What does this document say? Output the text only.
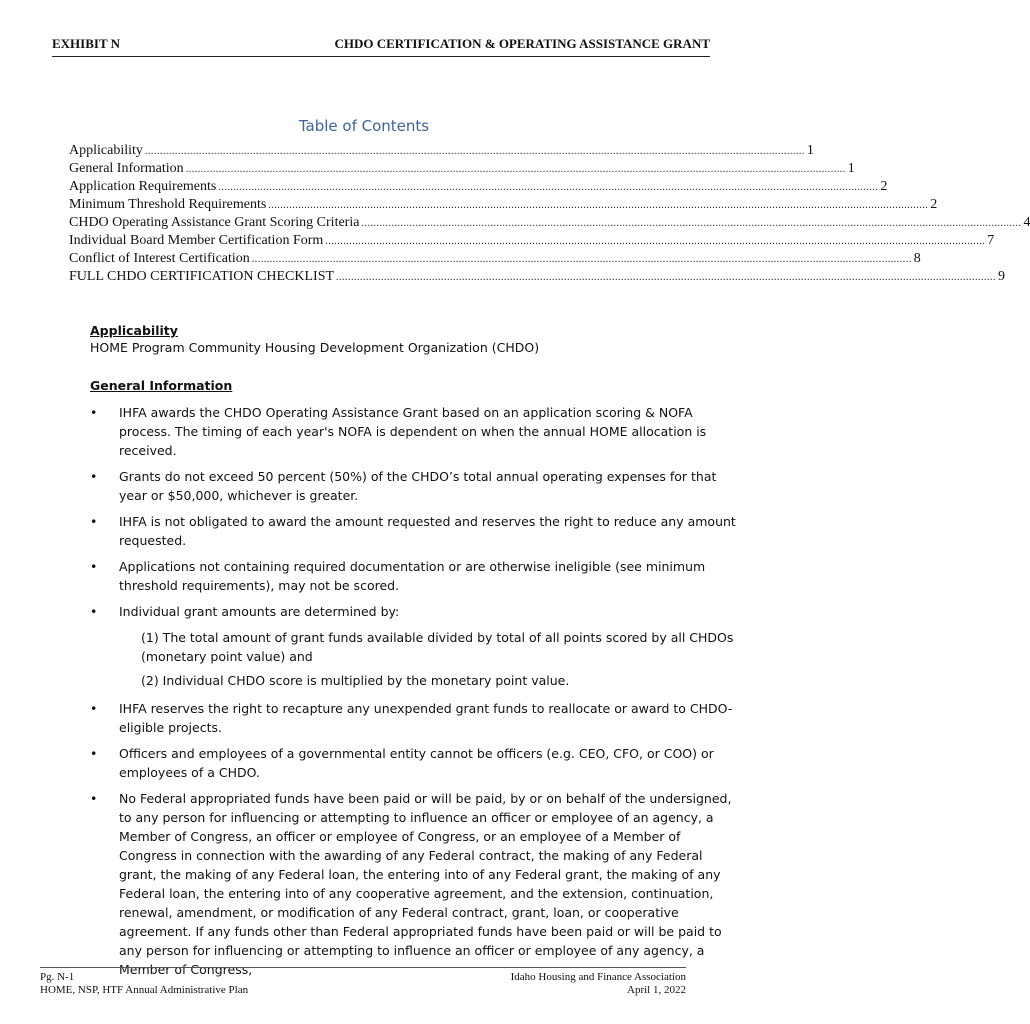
EXHIBIT N	CHDO CERTIFICATION & OPERATING ASSISTANCE GRANT
Table of Contents
Applicability ............................................................................................................................................................................................................................ 1
General Information ............................................................................................................................................................................................................................ 1
Application Requirements ............................................................................................................................................................................................................................ 2
Minimum Threshold Requirements ............................................................................................................................................................................................................................ 2
CHDO Operating Assistance Grant Scoring Criteria ............................................................................................................................................................................................................................ 4
Individual Board Member Certification Form ............................................................................................................................................................................................................................ 7
Conflict of Interest Certification ............................................................................................................................................................................................................................ 8
FULL CHDO CERTIFICATION CHECKLIST ............................................................................................................................................................................................................................ 9
Applicability
HOME Program Community Housing Development Organization (CHDO)
General Information
• IHFA awards the CHDO Operating Assistance Grant based on an application scoring & NOFA process. The timing of each year's NOFA is dependent on when the annual HOME allocation is received.
• Grants do not exceed 50 percent (50%) of the CHDO’s total annual operating expenses for that year or $50,000, whichever is greater.
• IHFA is not obligated to award the amount requested and reserves the right to reduce any amount requested.
• Applications not containing required documentation or are otherwise ineligible (see minimum threshold requirements), may not be scored.
• Individual grant amounts are determined by:
(1) The total amount of grant funds available divided by total of all points scored by all CHDOs (monetary point value) and
(2) Individual CHDO score is multiplied by the monetary point value.
• IHFA reserves the right to recapture any unexpended grant funds to reallocate or award to CHDO-eligible projects.
• Officers and employees of a governmental entity cannot be officers (e.g. CEO, CFO, or COO) or employees of a CHDO.
• No Federal appropriated funds have been paid or will be paid, by or on behalf of the undersigned, to any person for influencing or attempting to influence an officer or employee of an agency, a Member of Congress, an officer or employee of Congress, or an employee of a Member of Congress in connection with the awarding of any Federal contract, the making of any Federal grant, the making of any Federal loan, the entering into of any Federal grant, the making of any Federal loan, the entering into of any cooperative agreement, and the extension, continuation, renewal, amendment, or modification of any Federal contract, grant, loan, or cooperative agreement. If any funds other than Federal appropriated funds have been paid or will be paid to any person for influencing or attempting to influence an officer or employee of any agency, a Member of Congress,
Pg. N-1
HOME, NSP, HTF Annual Administrative Plan
Idaho Housing and Finance Association
April 1, 2022
